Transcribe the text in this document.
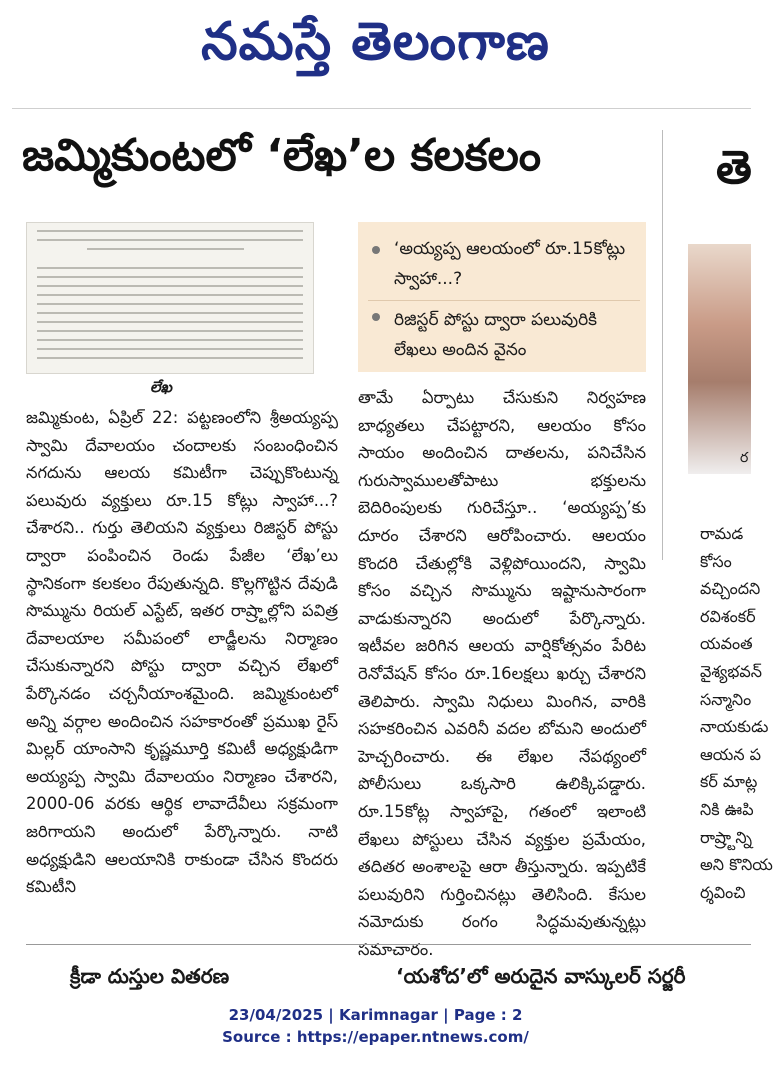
నమస్తే తెలంగాణ
జమ్మికుంటలో ‘లేఖ’ల కలకలం	తె
లేఖ
‘అయ్యప్ప ఆలయంలో రూ.15కోట్లు స్వాహా...?
రిజిస్టర్ పోస్టు ద్వారా పలువురికి లేఖలు అందిన వైనం

జమ్మికుంట, ఏప్రిల్ 22: పట్టణంలోని శ్రీఅయ్యప్ప స్వామి దేవాలయం చందాలకు సంబంధించిన నగదును ఆలయ కమిటీగా చెప్పుకొంటున్న పలువురు వ్యక్తులు రూ.15 కోట్లు స్వాహా...? చేశారని.. గుర్తు తెలియని వ్యక్తులు రిజిస్టర్ పోస్టు ద్వారా పంపించిన రెండు పేజీల ‘లేఖ’లు స్థానికంగా కలకలం రేపుతున్నది. కొల్లగొట్టిన దేవుడి సొమ్మును రియల్ ఎస్టేట్, ఇతర రాష్ర్టాల్లోని పవిత్ర దేవాలయాల సమీపంలో లాడ్జీలను నిర్మాణం చేసుకున్నారని పోస్టు ద్వారా వచ్చిన లేఖలో పేర్కొనడం చర్చనీయాంశమైంది. జమ్మికుంటలో అన్ని వర్గాల అందించిన సహకారంతో ప్రముఖ రైస్ మిల్లర్ యాంసాని కృష్ణమూర్తి కమిటీ అధ్యక్షుడిగా అయ్యప్ప స్వామి దేవాలయం నిర్మాణం చేశారని, 2000-06 వరకు ఆర్థిక లావాదేవీలు సక్రమంగా జరిగాయని అందులో పేర్కొన్నారు. నాటి అధ్యక్షుడిని ఆలయానికి రాకుండా చేసిన కొందరు కమిటీని

తామే ఏర్పాటు చేసుకుని నిర్వహణ బాధ్యతలు చేపట్టారని, ఆలయం కోసం సాయం అందించిన దాతలను, పనిచేసిన గురుస్వాములతోపాటు భక్తులను బెదిరింపులకు గురిచేస్తూ.. ‘అయ్యప్ప’కు దూరం చేశారని ఆరోపించారు. ఆలయం కొందరి చేతుల్లోకి వెళ్లిపోయిందని, స్వామి కోసం వచ్చిన సొమ్మును ఇష్టానుసారంగా వాడుకున్నారని అందులో పేర్కొన్నారు. ఇటీవల జరిగిన ఆలయ వార్షికోత్సవం పేరిట రెనోవేషన్ కోసం రూ.16లక్షలు ఖర్చు చేశారని తెలిపారు. స్వామి నిధులు మింగిన, వారికి సహకరించిన ఎవరినీ వదల బోమని అందులో హెచ్చరించారు. ఈ లేఖల నేపథ్యంలో పోలీసులు ఒక్కసారి ఉలిక్కిపడ్డారు. రూ.15కోట్ల స్వాహాపై, గతంలో ఇలాంటి లేఖలు పోస్టులు చేసిన వ్యక్తుల ప్రమేయం, తదితర అంశాలపై ఆరా తీస్తున్నారు. ఇప్పటికే పలువురిని గుర్తించినట్లు తెలిసింది. కేసుల నమోదుకు రంగం సిద్ధమవుతున్నట్లు సమాచారం.

ర
రామడ
కోసం
వచ్చిందని
రవిశంకర్
యవంత
వైశ్యభవన్
సన్మానిం
నాయకుడు
ఆయన ప
కర్ మాట్ల
నికి ఊపి
రాష్ర్టాన్ని
అని కొనియ
ర్శవించి
క్రీడా దుస్తుల వితరణ	‘యశోద’లో అరుదైన వాస్కులర్ సర్జరీ
23/04/2025 | Karimnagar | Page : 2
Source : https://epaper.ntnews.com/
